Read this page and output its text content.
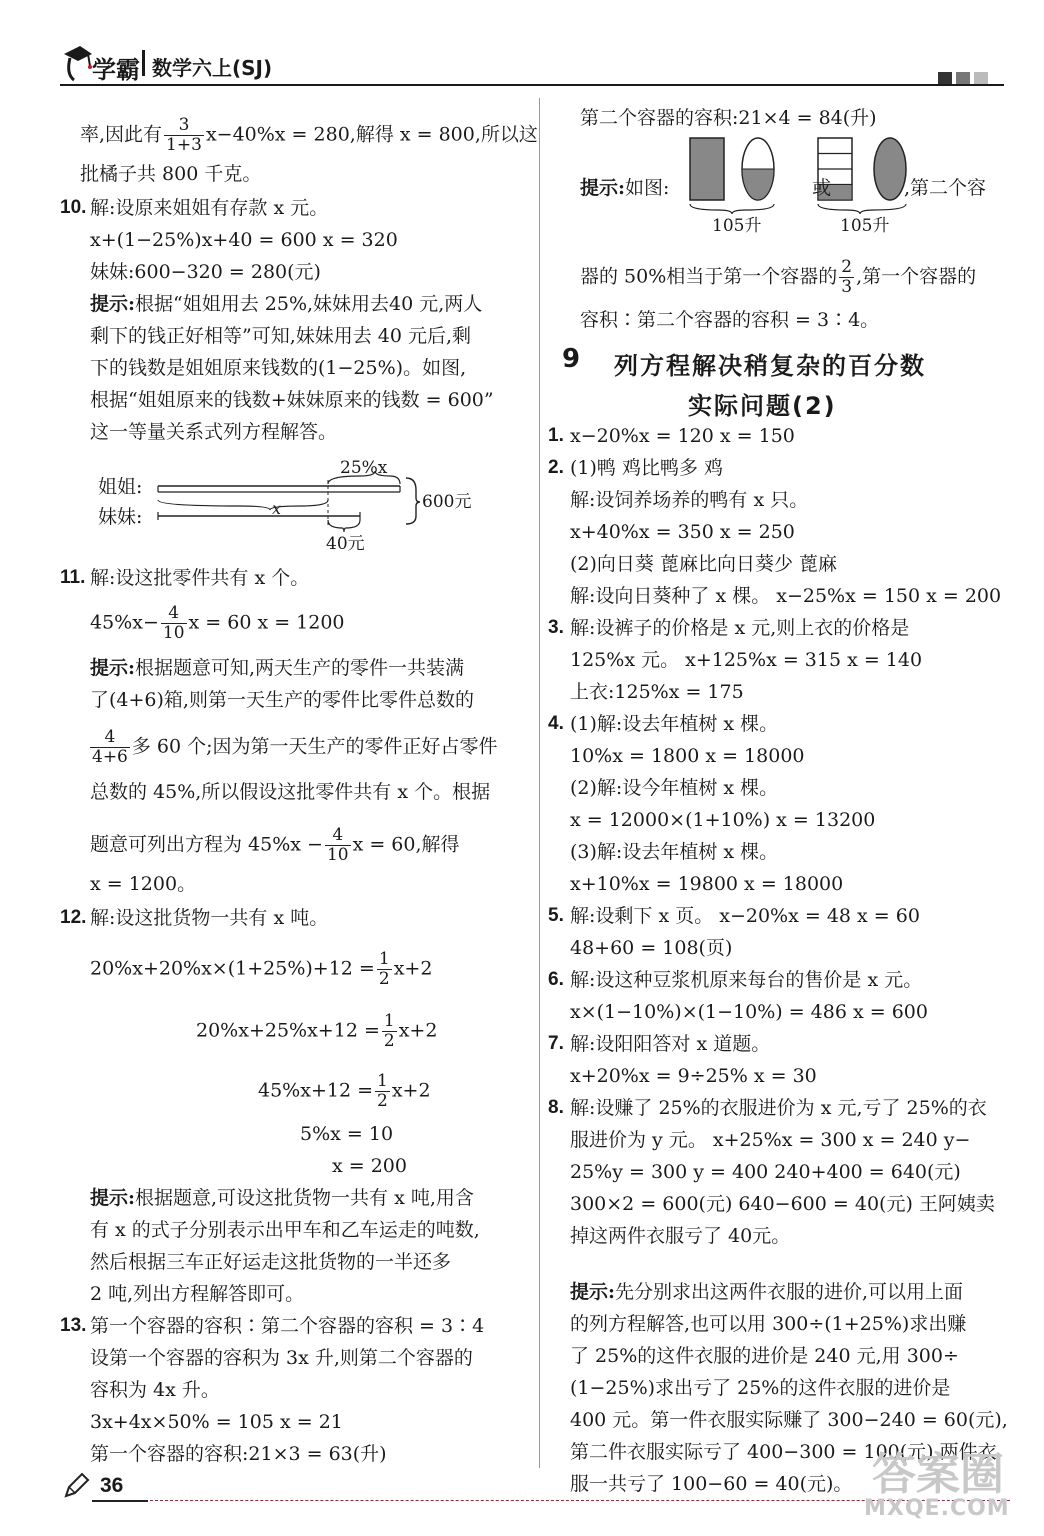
学霸 数学六上(SJ)
率,因此有 $\frac{3}{1+3} x-40\%x = 280$,解得 x = 800,所以这
批橘子共 800 千克。
10. 解:设原来姐姐有存款 x 元。
x+(1−25%)x+40 = 600 x = 320
妹妹:600−320 = 280(元)
提示:根据“姐姐用去 25%,妹妹用去40 元,两人
剩下的钱正好相等”可知,妹妹用去 40 元后,剩
下的钱数是姐姐原来钱数的(1−25%)。如图,
根据“姐姐原来的钱数+妹妹原来的钱数 = 600”
这一等量关系式列方程解答。
姐姐:
妹妹:
25%x
600元
x
40元
11. 解:设这批零件共有 x 个。
$45\%x- \frac{4}{10}$ x = 60 x = 1200
提示:根据题意可知,两天生产的零件一共装满
了(4+6)箱,则第一天生产的零件比零件总数的
$\frac{4}{4+6}$ 多 60 个;因为第一天生产的零件正好占零件
总数的 45%,所以假设这批零件共有 x 个。根据
题意可列出方程为 $45\%x - \frac{4}{10}$ x = 60,解得
x = 1200。
12. 解:设这批货物一共有 x 吨。
$20\%x+20\%x\times(1+25\%)+12 = \frac{1}{2} x+2$
$20\%x+25\%x+12 = \frac{1}{2} x+2$
$45\%x+12 = \frac{1}{2} x+2$
5%x = 10
x = 200
提示:根据题意,可设这批货物一共有 x 吨,用含
有 x 的式子分别表示出甲车和乙车运走的吨数,
然后根据三车正好运走这批货物的一半还多
2 吨,列出方程解答即可。
13. 第一个容器的容积∶第二个容器的容积 = 3∶4
设第一个容器的容积为 3x 升,则第二个容器的
容积为 4x 升。
3x+4x×50% = 105 x = 21
第一个容器的容积:21×3 = 63(升)
第二个容器的容积:21×4 = 84(升)
提示:如图:	或	,第二个容
105升	105升
器的 50%相当于第一个容器的 $\frac{2}{3}$ ,第一个容器的
容积∶第二个容器的容积 = 3∶4。
9 列方程解决稍复杂的百分数
实际问题(2)
1. x−20%x = 120 x = 150
2. (1)鸭 鸡比鸭多 鸡
解:设饲养场养的鸭有 x 只。
x+40%x = 350 x = 250
(2)向日葵 蓖麻比向日葵少 蓖麻
解:设向日葵种了 x 棵。 x−25%x = 150 x = 200
3. 解:设裤子的价格是 x 元,则上衣的价格是
125%x 元。 x+125%x = 315 x = 140
上衣:125%x = 175
4. (1)解:设去年植树 x 棵。
10%x = 1800 x = 18000
(2)解:设今年植树 x 棵。
x = 12000×(1+10%) x = 13200
(3)解:设去年植树 x 棵。
x+10%x = 19800 x = 18000
5. 解:设剩下 x 页。 x−20%x = 48 x = 60
48+60 = 108(页)
6. 解:设这种豆浆机原来每台的售价是 x 元。
x×(1−10%)×(1−10%) = 486 x = 600
7. 解:设阳阳答对 x 道题。
x+20%x = 9÷25% x = 30
8. 解:设赚了 25%的衣服进价为 x 元,亏了 25%的衣
服进价为 y 元。 x+25%x = 300 x = 240 y−
25%y = 300 y = 400 240+400 = 640(元)
300×2 = 600(元) 640−600 = 40(元) 王阿姨卖
掉这两件衣服亏了 40元。
提示:先分别求出这两件衣服的进价,可以用上面
的列方程解答,也可以用 300÷(1+25%)求出赚
了 25%的这件衣服的进价是 240 元,用 300÷
(1−25%)求出亏了 25%的这件衣服的进价是
400 元。第一件衣服实际赚了 300−240 = 60(元),
第二件衣服实际亏了 400−300 = 100(元),两件衣
服一共亏了 100−60 = 40(元)。
36	答案圈
MXQE.COM
